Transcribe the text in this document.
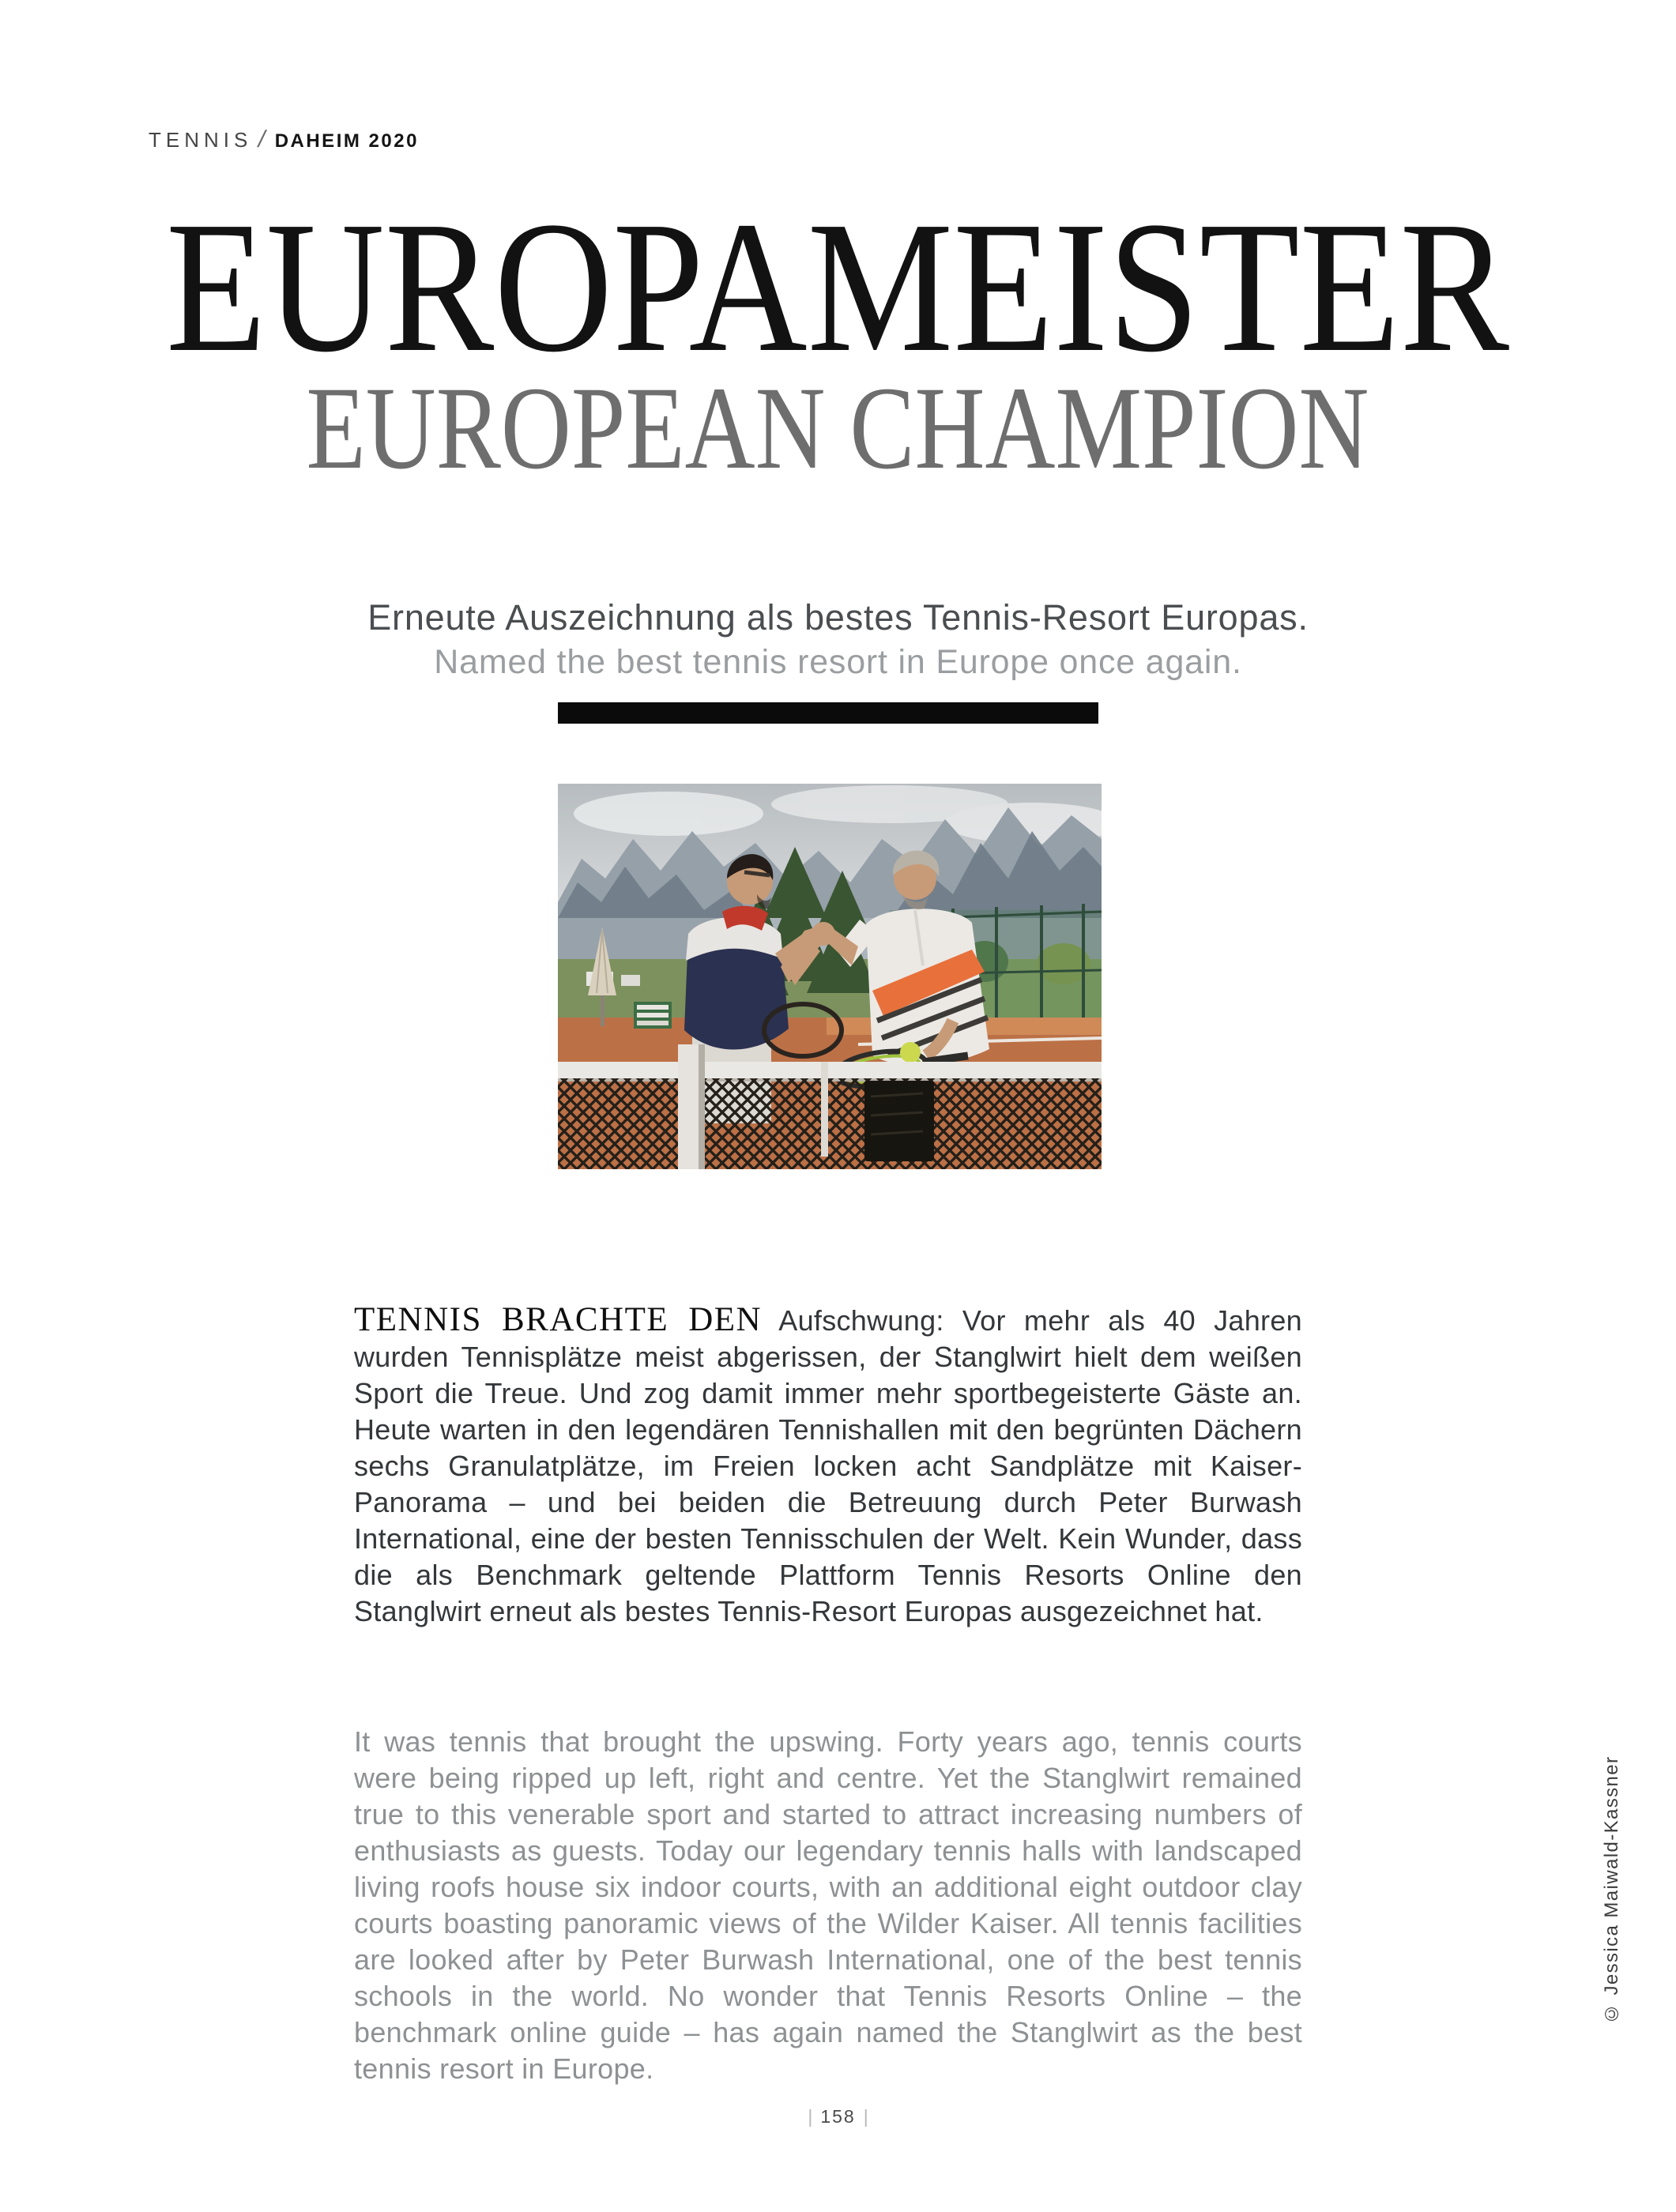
TENNIS / DAHEIM 2020
EUROPAMEISTER
EUROPEAN CHAMPION

Erneute Auszeichnung als bestes Tennis-Resort Europas.

Named the best tennis resort in Europe once again.

TENNIS BRACHTE DEN Aufschwung: Vor mehr als 40 Jahren wurden Tennisplätze meist abgerissen, der Stanglwirt hielt dem weißen Sport die Treue. Und zog damit immer mehr sportbegeisterte Gäste an. Heute warten in den legendären Tennishallen mit den begrünten Dächern sechs Granulatplätze, im Freien locken acht Sandplätze mit Kaiser-Panorama – und bei beiden die Betreuung durch Peter Burwash International, eine der besten Tennisschulen der Welt. Kein Wunder, dass die als Benchmark geltende Plattform Tennis Resorts Online den Stanglwirt erneut als bestes Tennis-Resort Europas ausgezeichnet hat.

It was tennis that brought the upswing. Forty years ago, tennis courts were being ripped up left, right and centre. Yet the Stanglwirt remained true to this venerable sport and started to attract increasing numbers of enthusiasts as guests. Today our legendary tennis halls with landscaped living roofs house six indoor courts, with an additional eight outdoor clay courts boasting panoramic views of the Wilder Kaiser. All tennis facilities are looked after by Peter Burwash International, one of the best tennis schools in the world. No wonder that Tennis Resorts Online – the benchmark online guide – has again named the Stanglwirt as the best tennis resort in Europe.

© Jessica Maiwald-Kassner
| 158 |
